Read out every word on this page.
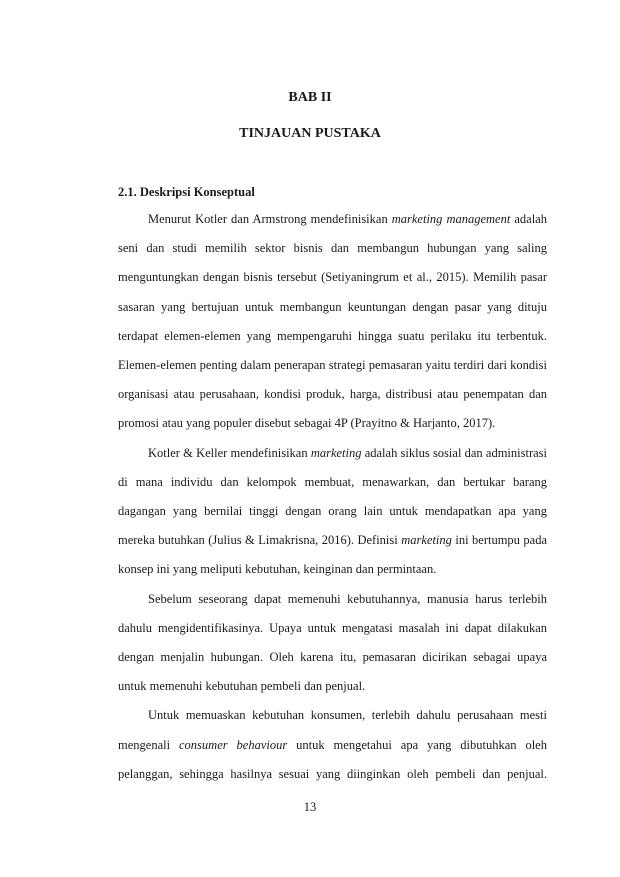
BAB II
TINJAUAN PUSTAKA
2.1. Deskripsi Konseptual
Menurut Kotler dan Armstrong mendefinisikan marketing management adalah
seni dan studi memilih sektor bisnis dan membangun hubungan yang saling
menguntungkan dengan bisnis tersebut (Setiyaningrum et al., 2015). Memilih pasar
sasaran yang bertujuan untuk membangun keuntungan dengan pasar yang dituju
terdapat elemen-elemen yang mempengaruhi hingga suatu perilaku itu terbentuk.
Elemen-elemen penting dalam penerapan strategi pemasaran yaitu terdiri dari kondisi
organisasi atau perusahaan, kondisi produk, harga, distribusi atau penempatan dan
promosi atau yang populer disebut sebagai 4P (Prayitno & Harjanto, 2017).
Kotler & Keller mendefinisikan marketing adalah siklus sosial dan administrasi
di mana individu dan kelompok membuat, menawarkan, dan bertukar barang
dagangan yang bernilai tinggi dengan orang lain untuk mendapatkan apa yang
mereka butuhkan (Julius & Limakrisna, 2016). Definisi marketing ini bertumpu pada
konsep ini yang meliputi kebutuhan, keinginan dan permintaan.
Sebelum seseorang dapat memenuhi kebutuhannya, manusia harus terlebih
dahulu mengidentifikasinya. Upaya untuk mengatasi masalah ini dapat dilakukan
dengan menjalin hubungan. Oleh karena itu, pemasaran dicirikan sebagai upaya
untuk memenuhi kebutuhan pembeli dan penjual.
Untuk memuaskan kebutuhan konsumen, terlebih dahulu perusahaan mesti
mengenali consumer behaviour untuk mengetahui apa yang dibutuhkan oleh
pelanggan, sehingga hasilnya sesuai yang diinginkan oleh pembeli dan penjual.
13
